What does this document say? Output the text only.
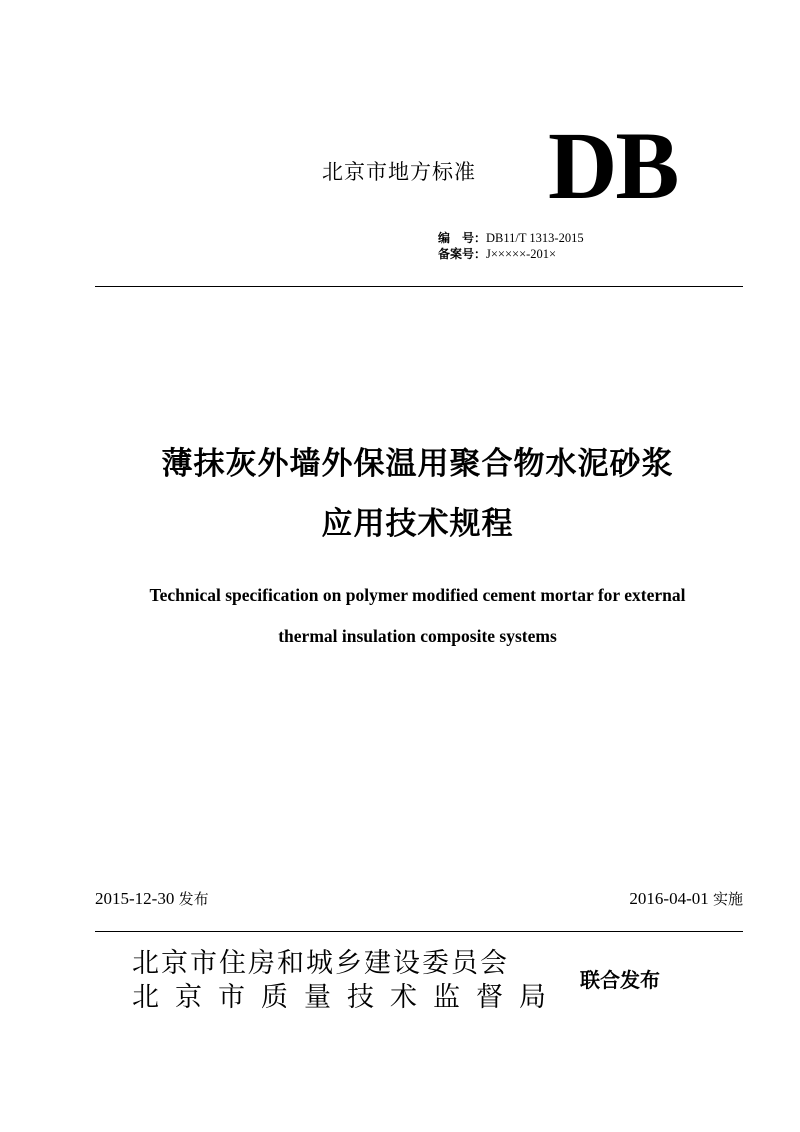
北京市地方标准 DB
编　号：DB11/T 1313-2015
备案号：J×××××-201×
薄抹灰外墙外保温用聚合物水泥砂浆
应用技术规程
Technical specification on polymer modified cement mortar for external
thermal insulation composite systems
2015-12-30 发布	2016-04-01 实施
北京市住房和城乡建设委员会
北京市质量技术监督局
联合发布
